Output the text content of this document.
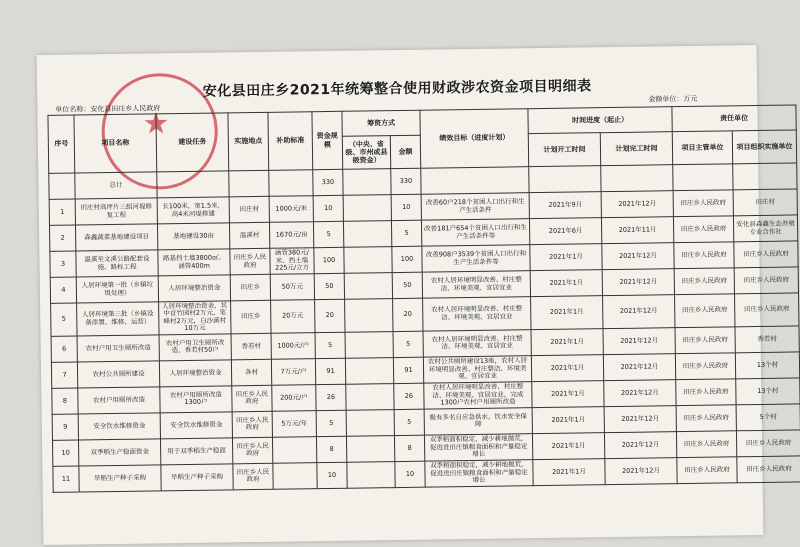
★
安化县田庄乡2021年统筹整合使用财政涉农资金项目明细表
单位名称：安化县田庄乡人民政府
金额单位：万元
序号	项目名称	建设任务	实施地点	补助标准	资金规模	筹资方式		绩效目标（进度计划）	时间进度（起止）		责任单位	
						（中央、省级、市州或县级资金）	金额		计划开工时间	计划完工时间	项目主管单位	项目组织实施单位
	总计				330		330					
1	田庄村高坪片三组河堤修复工程	长100米，宽1.5米，高4米河堤修建	田庄村	1000元/米	10		10	改善60户218个贫困人口出行和生产生活条件	2021年9月	2021年12月	田庄乡人民政府	田庄村
2	森鑫蔬菜基地建设项目	基地建设30亩	温溪村	1670元/亩	5		5	改善181户654个贫困人口出行和生产生活条件等	2021年6月	2021年11月	田庄乡人民政府	安化县森鑫生态养殖专业合作社
3	温溪至文溪公路配套设施、路标工程	路基挡土墙3800㎡、涵管400m	田庄乡人民政府	涵管380元/米、挡土墙225元/立方	100		100	改善908户3539个贫困人口出行和生产生活条件等	2021年1月	2021年12月	田庄乡人民政府	田庄乡人民政府
4	人居环境第一批（乡镇垃圾处理）	人居环境整治资金	田庄乡	50万元	50		50	农村人居环境明显改善、村庄整洁、环境美观、宜居宜业	2021年1月	2021年12月	田庄乡人民政府	田庄乡人民政府
5	人居环境第三批（乡镇设备添置、维修、运营）	人居环境整治资金，其中首竹园村2万元，笔峰村2万元，白沙溪村10万元	田庄乡	20万元	20		20	农村人居环境明显改善、村庄整洁、环境美观、宜居宜业	2021年1月	2021年12月	田庄乡人民政府	田庄乡人民政府
6	农村户用卫生厕所改造	农村户用卫生厕所改造，香若村50户	香若村	1000元/户	5		5	农村人居环境明显改善、村庄整洁、环境美观、宜居宜业	2021年1月	2021年12月	田庄乡人民政府	香若村
7	农村公共厕所建设	人居环境整治资金	各村	7万元/户	91		91	农村公共厕所建设13座，农村人居环境明显改善、村庄整洁、环境美观、宜居宜业	2021年1月	2021年12月	田庄乡人民政府	13个村
8	农村户用厕所改造	农村户用厕所改造1300户	田庄乡人民政府	200元/户	26		26	农村人居环境明显改善、村庄整洁、环境美观、宜居宜业，完成1300户农村户用厕所改造	2021年1月	2021年12月	田庄乡人民政府	13个村
9	安全饮水维修资金	安全饮水维修资金	田庄乡人民政府	5万元/年	5		5	极有多名自应急供水，饮水安全保障	2021年1月	2021年12月	田庄乡人民政府	5个村
10	双季稻生产稳面资金	用于双季稻生产稳面	田庄乡人民政府		8		8	双季稻面积稳定，减少耕地抛荒，促进进田庄镇粮食面积和产量稳定增长	2021年1月	2021年12月	田庄乡人民政府	田庄乡人民政府
11	旱稻生产种子采购	旱稻生产种子采购	田庄乡人民政府		10		10	双季稻面积稳定，减少耕地抛荒，促进进田庄镇粮食面积和产量稳定增长	2021年1月	2021年12月	田庄乡人民政府	田庄乡人民政府
